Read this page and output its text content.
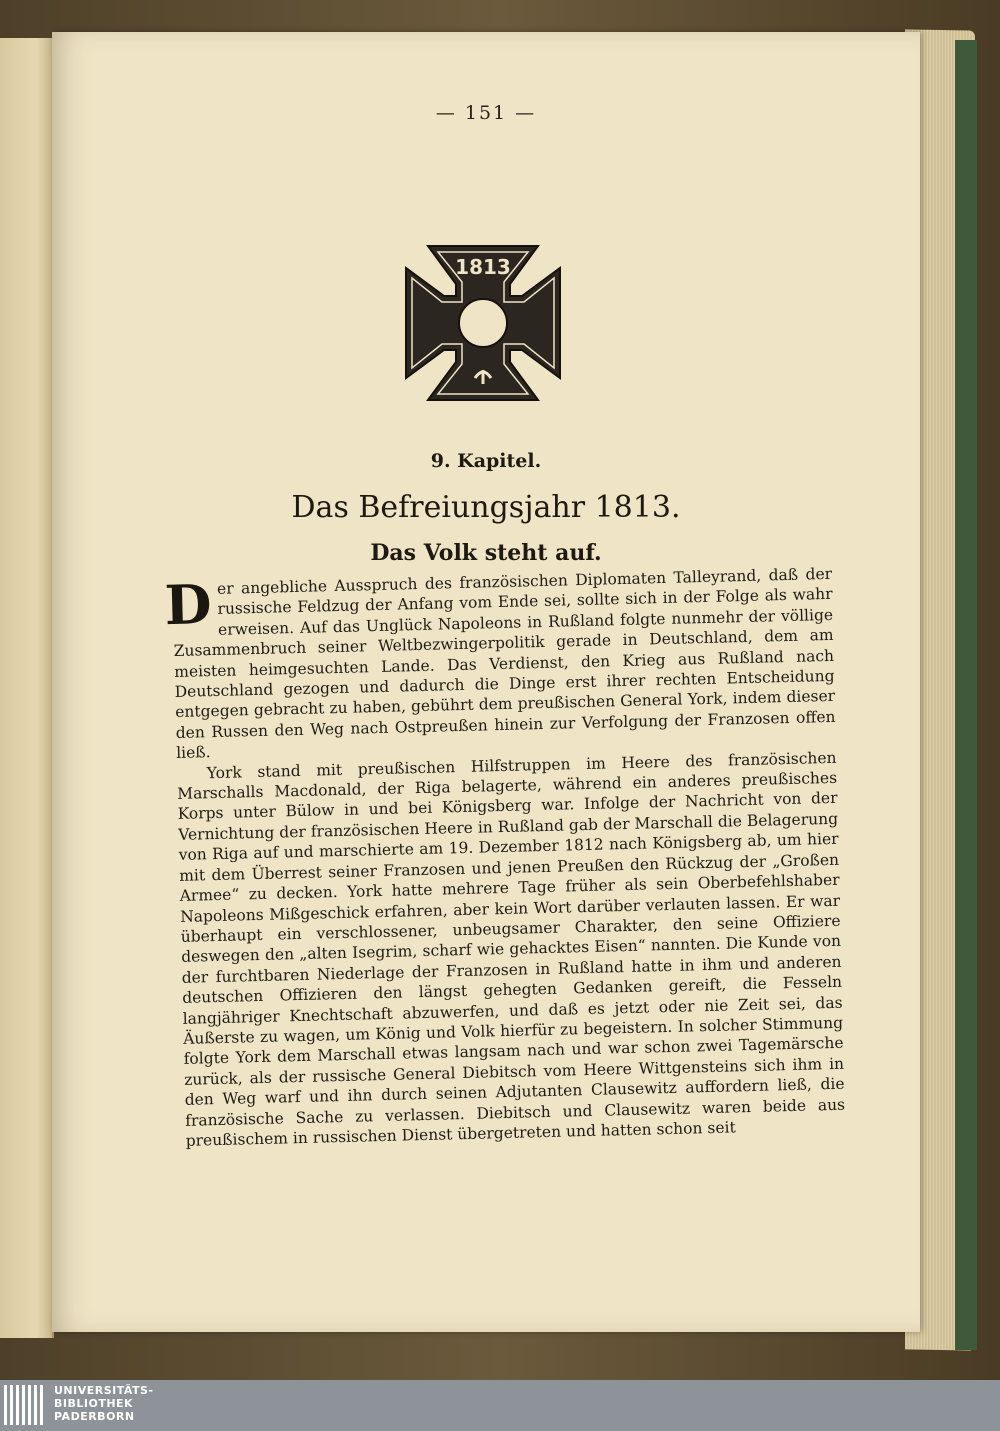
— 151 —
1813
9. Kapitel.
Das Befreiungsjahr 1813.
Das Volk steht auf.

Der angebliche Ausspruch des französischen Diplomaten Talleyrand, daß der russische Feldzug der Anfang vom Ende sei, sollte sich in der Folge als wahr erweisen. Auf das Unglück Napoleons in Rußland folgte nunmehr der völlige Zusammenbruch seiner Weltbezwingerpolitik gerade in Deutschland, dem am meisten heimgesuchten Lande. Das Verdienst, den Krieg aus Rußland nach Deutschland gezogen und dadurch die Dinge erst ihrer rechten Entscheidung entgegen gebracht zu haben, gebührt dem preußischen General York, indem dieser den Russen den Weg nach Ostpreußen hinein zur Verfolgung der Franzosen offen ließ.

York stand mit preußischen Hilfstruppen im Heere des französischen Marschalls Macdonald, der Riga belagerte, während ein anderes preußisches Korps unter Bülow in und bei Königsberg war. Infolge der Nachricht von der Vernichtung der französischen Heere in Rußland gab der Marschall die Belagerung von Riga auf und marschierte am 19. Dezember 1812 nach Königsberg ab, um hier mit dem Überrest seiner Franzosen und jenen Preußen den Rückzug der „Großen Armee“ zu decken. York hatte mehrere Tage früher als sein Oberbefehlshaber Napoleons Mißgeschick erfahren, aber kein Wort darüber verlauten lassen. Er war überhaupt ein verschlossener, unbeugsamer Charakter, den seine Offiziere deswegen den „alten Isegrim, scharf wie gehacktes Eisen“ nannten. Die Kunde von der furchtbaren Niederlage der Franzosen in Rußland hatte in ihm und anderen deutschen Offizieren den längst gehegten Gedanken gereift, die Fesseln langjähriger Knechtschaft abzuwerfen, und daß es jetzt oder nie Zeit sei, das Äußerste zu wagen, um König und Volk hierfür zu begeistern. In solcher Stimmung folgte York dem Marschall etwas langsam nach und war schon zwei Tagemärsche zurück, als der russische General Diebitsch vom Heere Wittgensteins sich ihm in den Weg warf und ihn durch seinen Adjutanten Clausewitz auffordern ließ, die französische Sache zu verlassen. Diebitsch und Clausewitz waren beide aus preußischem in russischen Dienst übergetreten und hatten schon seit

UNIVERSITÄTS-
BIBLIOTHEK
PADERBORN
